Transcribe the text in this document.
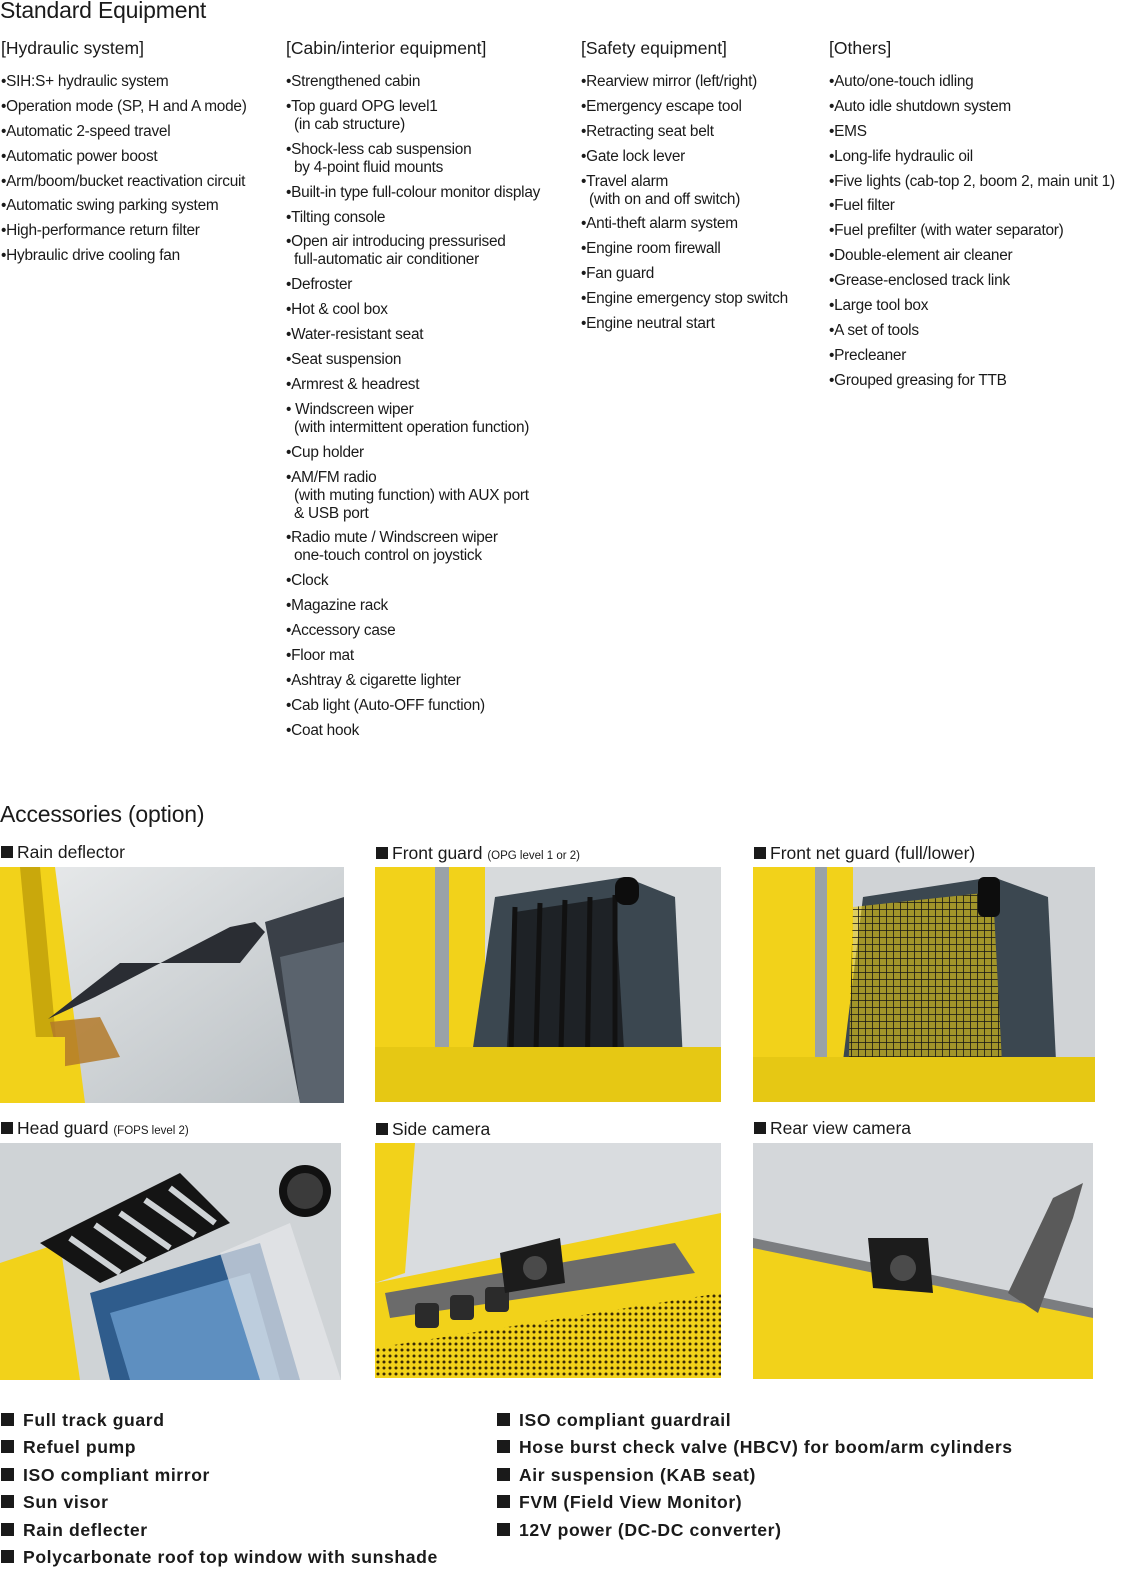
Standard Equipment
[Hydraulic system]
• SIH:S+ hydraulic system
• Operation mode (SP, H and A mode)
• Automatic 2-speed travel
• Automatic power boost
• Arm/boom/bucket reactivation circuit
• Automatic swing parking system
• High-performance return filter
• Hybraulic drive cooling fan
[Cabin/interior equipment]
• Strengthened cabin
• Top guard OPG level1
(in cab structure)
• Shock-less cab suspension
by 4-point fluid mounts
• Built-in type full-colour monitor display
• Tilting console
• Open air introducing pressurised
full-automatic air conditioner
• Defroster
• Hot & cool box
• Water-resistant seat
• Seat suspension
• Armrest & headrest
• Windscreen wiper
(with intermittent operation function)
• Cup holder
• AM/FM radio
(with muting function) with AUX port
& USB port
• Radio mute / Windscreen wiper
one-touch control on joystick
• Clock
• Magazine rack
• Accessory case
• Floor mat
• Ashtray & cigarette lighter
• Cab light (Auto-OFF function)
• Coat hook
[Safety equipment]
• Rearview mirror (left/right)
• Emergency escape tool
• Retracting seat belt
• Gate lock lever
• Travel alarm
(with on and off switch)
• Anti-theft alarm system
• Engine room firewall
• Fan guard
• Engine emergency stop switch
• Engine neutral start
[Others]
• Auto/one-touch idling
• Auto idle shutdown system
• EMS
• Long-life hydraulic oil
• Five lights (cab-top 2, boom 2, main unit 1)
• Fuel filter
• Fuel prefilter (with water separator)
• Double-element air cleaner
• Grease-enclosed track link
• Large tool box
• A set of tools
• Precleaner
• Grouped greasing for TTB
Accessories (option)
Rain deflector	Front guard (OPG level 1 or 2)	Front net guard (full/lower)
Head guard (FOPS level 2)	Side camera	Rear view camera
Full track guard
Refuel pump
ISO compliant mirror
Sun visor
Rain deflecter
Polycarbonate roof top window with sunshade
ISO compliant guardrail
Hose burst check valve (HBCV) for boom/arm cylinders
Air suspension (KAB seat)
FVM (Field View Monitor)
12V power (DC-DC converter)
